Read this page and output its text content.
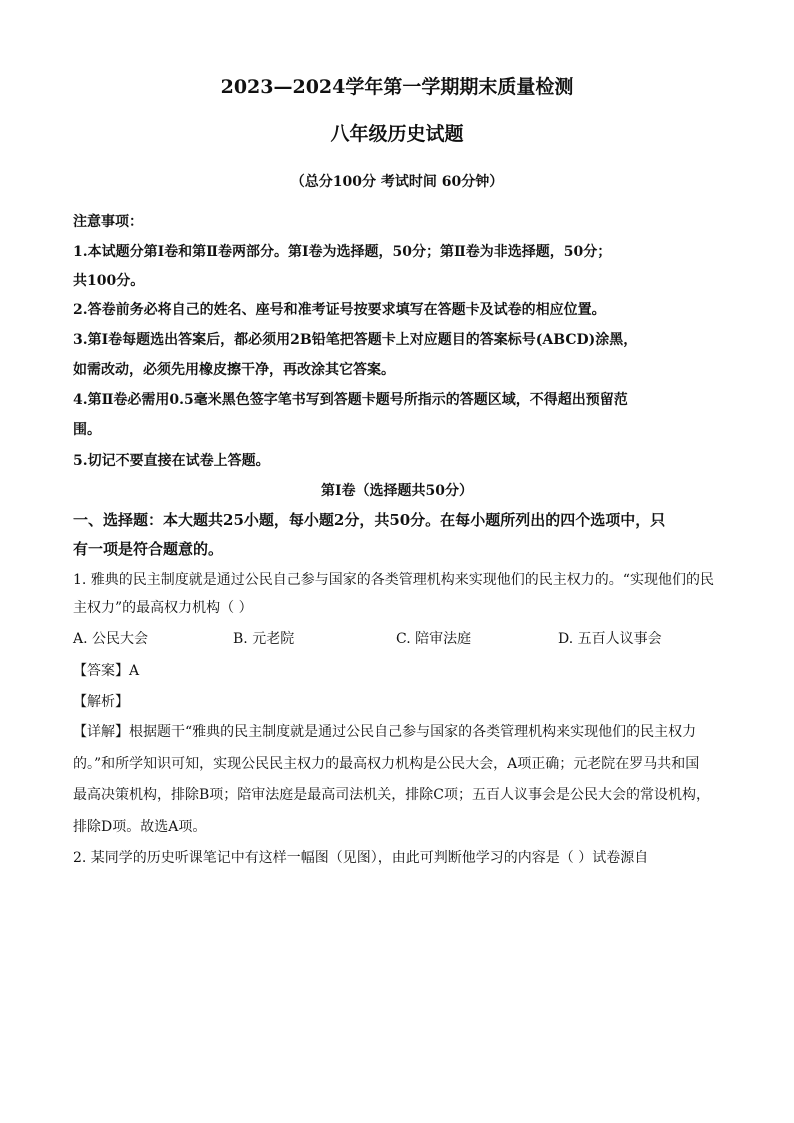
2023—2024学年第一学期期末质量检测
八年级历史试题
（总分100分 考试时间 60分钟）
注意事项：
1.本试题分第Ⅰ卷和第Ⅱ卷两部分。第Ⅰ卷为选择题，50分；第Ⅱ卷为非选择题，50分；
共100分。
2.答卷前务必将自己的姓名、座号和准考证号按要求填写在答题卡及试卷的相应位置。
3.第Ⅰ卷每题选出答案后，都必须用2B铅笔把答题卡上对应题目的答案标号(ABCD)涂黑，
如需改动，必须先用橡皮擦干净，再改涂其它答案。
4.第Ⅱ卷必需用0.5毫米黑色签字笔书写到答题卡题号所指示的答题区域，不得超出预留范
围。
5.切记不要直接在试卷上答题。
第Ⅰ卷（选择题共50分）
一、选择题：本大题共25小题，每小题2分，共50分。在每小题所列出的四个选项中，只
有一项是符合题意的。
1. 雅典的民主制度就是通过公民自己参与国家的各类管理机构来实现他们的民主权力的。“实现他们的民
主权力”的最高权力机构（ ）
A. 公民大会	B. 元老院	C. 陪审法庭	D. 五百人议事会
【答案】A
【解析】
【详解】根据题干“雅典的民主制度就是通过公民自己参与国家的各类管理机构来实现他们的民主权力
的。”和所学知识可知，实现公民民主权力的最高权力机构是公民大会，A项正确；元老院在罗马共和国
最高决策机构，排除B项；陪审法庭是最高司法机关，排除C项；五百人议事会是公民大会的常设机构，
排除D项。故选A项。
2. 某同学的历史听课笔记中有这样一幅图（见图），由此可判断他学习的内容是（ ）试卷源自
